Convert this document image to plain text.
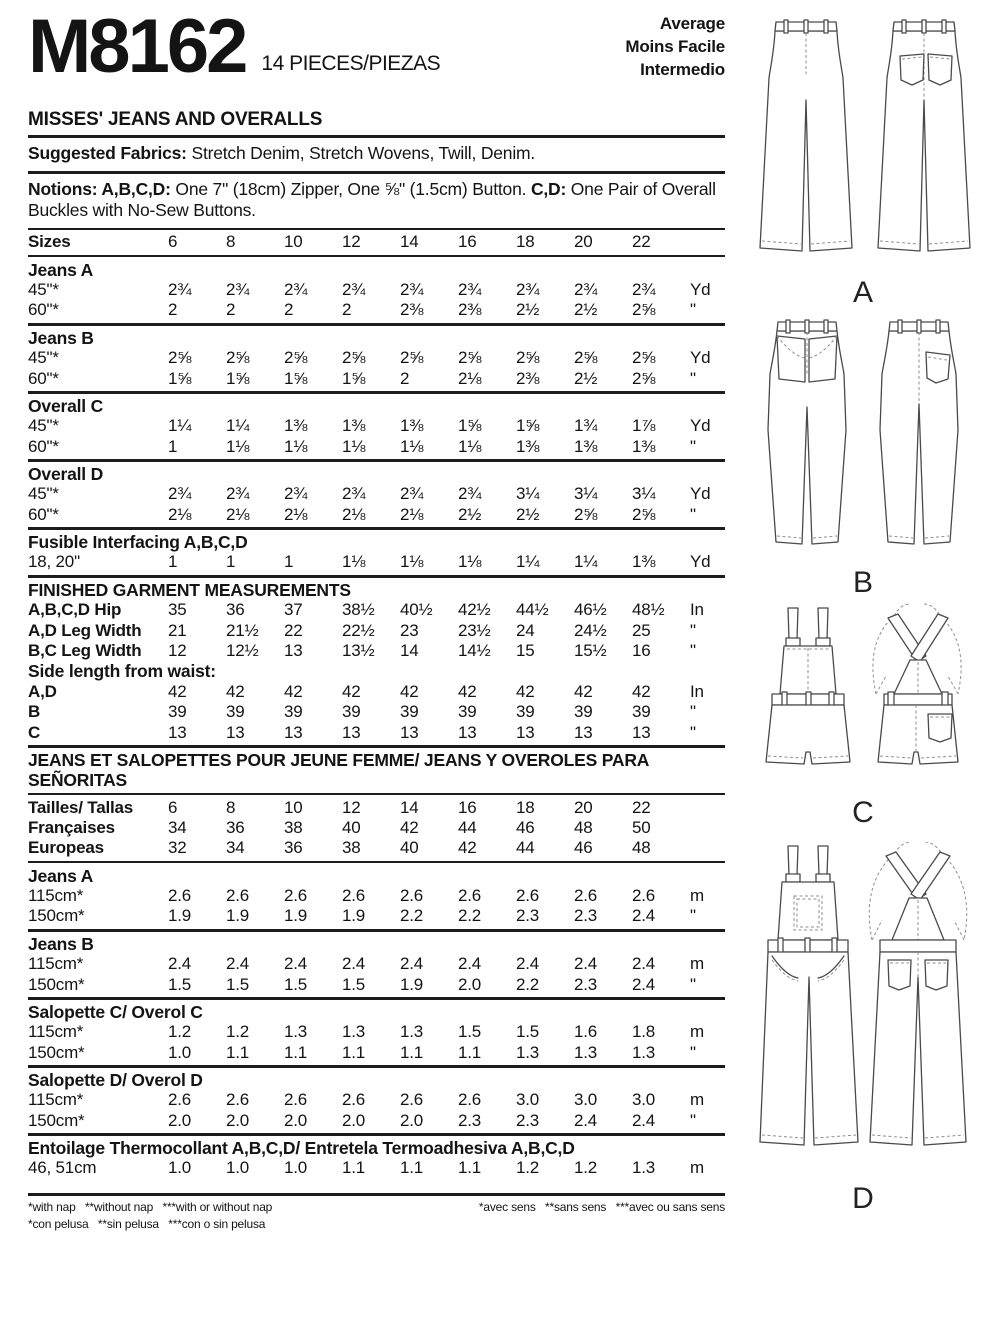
M8162 14 PIECES/PIEZAS
Average
Moins Facile
Intermedio
MISSES' JEANS AND OVERALLS
Suggested Fabrics: Stretch Denim, Stretch Wovens, Twill, Denim.
Notions: A,B,C,D: One 7" (18cm) Zipper, One ⅝" (1.5cm) Button. C,D: One Pair of Overall Buckles with No-Sew Buttons.
Sizes	6	8	10	12	14	16	18	20	22
Jeans A
45"*	2¾	2¾	2¾	2¾	2¾	2¾	2¾	2¾	2¾	Yd
60"*	2	2	2	2	2⅜	2⅜	2½	2½	2⅝	"
Jeans B
45"*	2⅝	2⅝	2⅝	2⅝	2⅝	2⅝	2⅝	2⅝	2⅝	Yd
60"*	1⅝	1⅝	1⅝	1⅝	2	2⅛	2⅜	2½	2⅝	"
Overall C
45"*	1¼	1¼	1⅜	1⅜	1⅜	1⅝	1⅝	1¾	1⅞	Yd
60"*	1	1⅛	1⅛	1⅛	1⅛	1⅛	1⅜	1⅜	1⅜	"
Overall D
45"*	2¾	2¾	2¾	2¾	2¾	2¾	3¼	3¼	3¼	Yd
60"*	2⅛	2⅛	2⅛	2⅛	2⅛	2½	2½	2⅝	2⅝	"
Fusible Interfacing A,B,C,D
18, 20"	1	1	1	1⅛	1⅛	1⅛	1¼	1¼	1⅜	Yd
FINISHED GARMENT MEASUREMENTS
A,B,C,D Hip	35	36	37	38½	40½	42½	44½	46½	48½	In
A,D Leg Width	21	21½	22	22½	23	23½	24	24½	25	"
B,C Leg Width	12	12½	13	13½	14	14½	15	15½	16	"
Side length from waist:
A,D	42	42	42	42	42	42	42	42	42	In
B	39	39	39	39	39	39	39	39	39	"
C	13	13	13	13	13	13	13	13	13	"
JEANS ET SALOPETTES POUR JEUNE FEMME/ JEANS Y OVEROLES PARA SEÑORITAS
Tailles/ Tallas	6	8	10	12	14	16	18	20	22
Françaises	34	36	38	40	42	44	46	48	50
Europeas	32	34	36	38	40	42	44	46	48
Jeans A
115cm*	2.6	2.6	2.6	2.6	2.6	2.6	2.6	2.6	2.6	m
150cm*	1.9	1.9	1.9	1.9	2.2	2.2	2.3	2.3	2.4	"
Jeans B
115cm*	2.4	2.4	2.4	2.4	2.4	2.4	2.4	2.4	2.4	m
150cm*	1.5	1.5	1.5	1.5	1.9	2.0	2.2	2.3	2.4	"
Salopette C/ Overol C
115cm*	1.2	1.2	1.3	1.3	1.3	1.5	1.5	1.6	1.8	m
150cm*	1.0	1.1	1.1	1.1	1.1	1.1	1.3	1.3	1.3	"
Salopette D/ Overol D
115cm*	2.6	2.6	2.6	2.6	2.6	2.6	3.0	3.0	3.0	m
150cm*	2.0	2.0	2.0	2.0	2.0	2.3	2.3	2.4	2.4	"
Entoilage Thermocollant A,B,C,D/ Entretela Termoadhesiva A,B,C,D
46, 51cm	1.0	1.0	1.0	1.1	1.1	1.1	1.2	1.2	1.3	m
*with nap   **without nap   ***with or without nap	*avec sens   **sans sens   ***avec ou sans sens
*con pelusa   **sin pelusa   ***con o sin pelusa
A
B
C
D
